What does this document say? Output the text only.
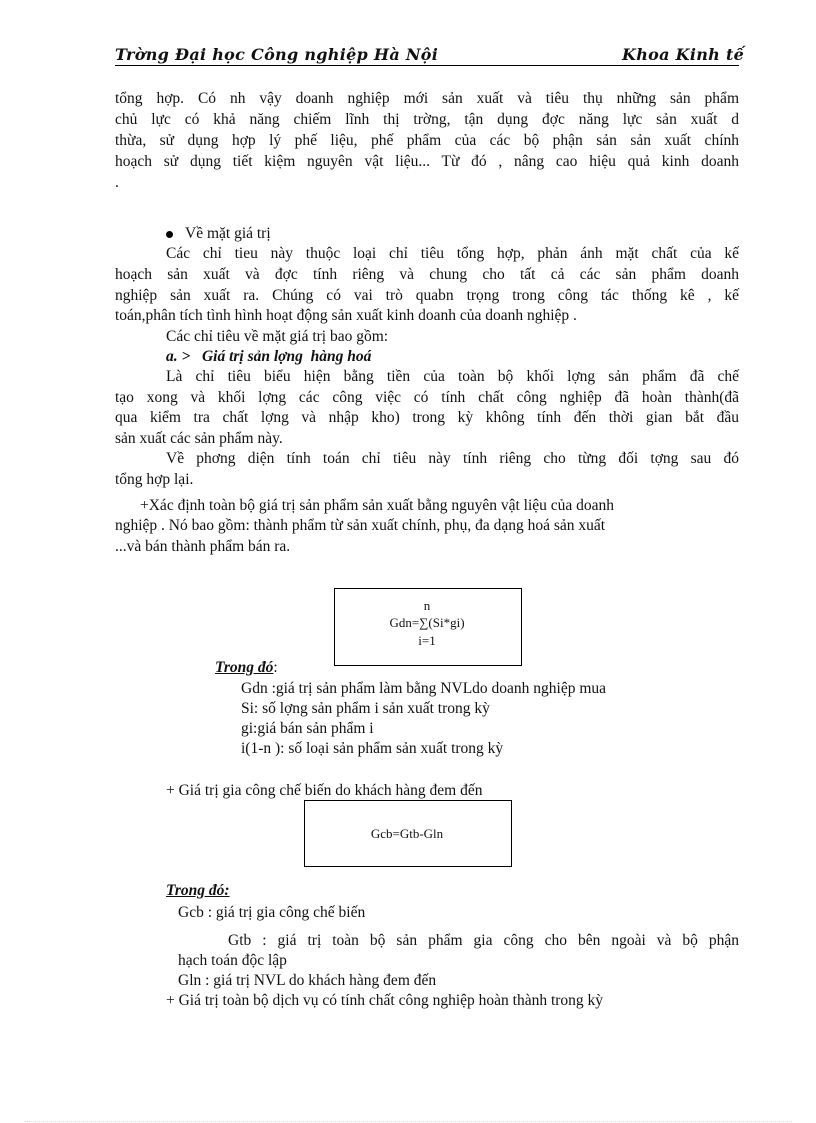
Trờng Đại học Công nghiệp Hà Nội	Khoa Kinh tế
tổng hợp. Có nh vậy doanh nghiệp mới sản xuất và tiêu thụ những sản phẩm
chủ lực có khả năng chiếm lĩnh thị trờng, tận dụng đợc năng lực sản xuất d
thừa, sử dụng hợp lý phế liệu, phế phẩm của các bộ phận sản sản xuất chính
hoạch sử dụng tiết kiệm nguyên vật liệu... Từ đó , nâng cao hiệu quả kinh doanh
.
Về mặt giá trị
Các chỉ tieu này thuộc loại chỉ tiêu tổng hợp, phản ánh mặt chất của kế
hoạch sản xuất và đợc tính riêng và chung cho tất cả các sản phẩm doanh
nghiệp sản xuất ra. Chúng có vai trò quabn trọng trong công tác thống kê , kế
toán,phân tích tình hình hoạt động sản xuất kinh doanh của doanh nghiệp .
Các chỉ tiêu về mặt giá trị bao gồm:
a. >   Giá trị sản lợng  hàng hoá
Là chỉ tiêu biểu hiện bằng tiền của toàn bộ khối lợng sản phẩm đã chế
tạo xong và khối lợng các công việc có tính chất công nghiệp đã hoàn thành(đã
qua kiểm tra chất lợng và nhập kho) trong kỳ không tính đến thời gian bắt đầu
sản xuất các sản phẩm này.
Về phơng diện tính toán chỉ tiêu này tính riêng cho từng đối tợng sau đó
tổng hợp lại.
+Xác định toàn bộ giá trị sản phẩm sản xuất bằng nguyên vật liệu của doanh
nghiệp . Nó bao gồm: thành phẩm từ sản xuất chính, phụ, đa dạng hoá sản xuất
...và bán thành phẩm bán ra.
n
Gdn=∑(Si*gi)
i=1
Trong đó:
Gdn :giá trị sản phẩm làm bằng NVLdo doanh nghiệp mua
Si: số lợng sản phẩm i sản xuất trong kỳ
gi:giá bán sản phẩm i
i(1-n ): số loại sản phẩm sản xuất trong kỳ
+ Giá trị gia công chế biến do khách hàng đem đến
Gcb=Gtb-Gln
Trong đó:
Gcb : giá trị gia công chế biến
Gtb : giá trị toàn bộ sản phẩm gia công cho bên ngoài và bộ phận
hạch toán độc lập
Gln : giá trị NVL do khách hàng đem đến
+ Giá trị toàn bộ dịch vụ có tính chất công nghiệp hoàn thành trong kỳ
